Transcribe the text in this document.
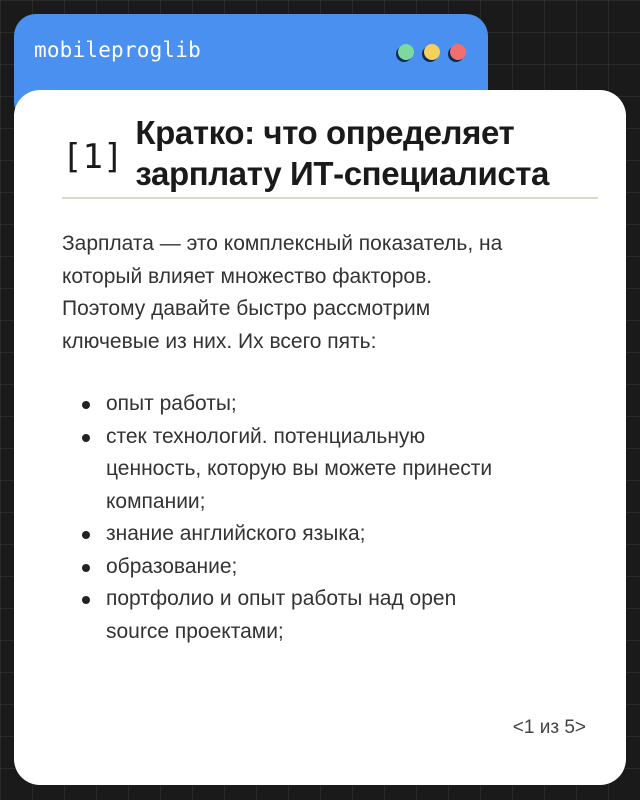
mobileproglib
[1]
Кратко: что определяет
зарплату ИТ-специалиста
Зарплата — это комплексный показатель, на
который влияет множество факторов.
Поэтому давайте быстро рассмотрим
ключевые из них. Их всего пять:
опыт работы;
стек технологий. потенциальную
ценность, которую вы можете принести
компании;
знание английского языка;
образование;
портфолио и опыт работы над open
source проектами;
<1 из 5>
